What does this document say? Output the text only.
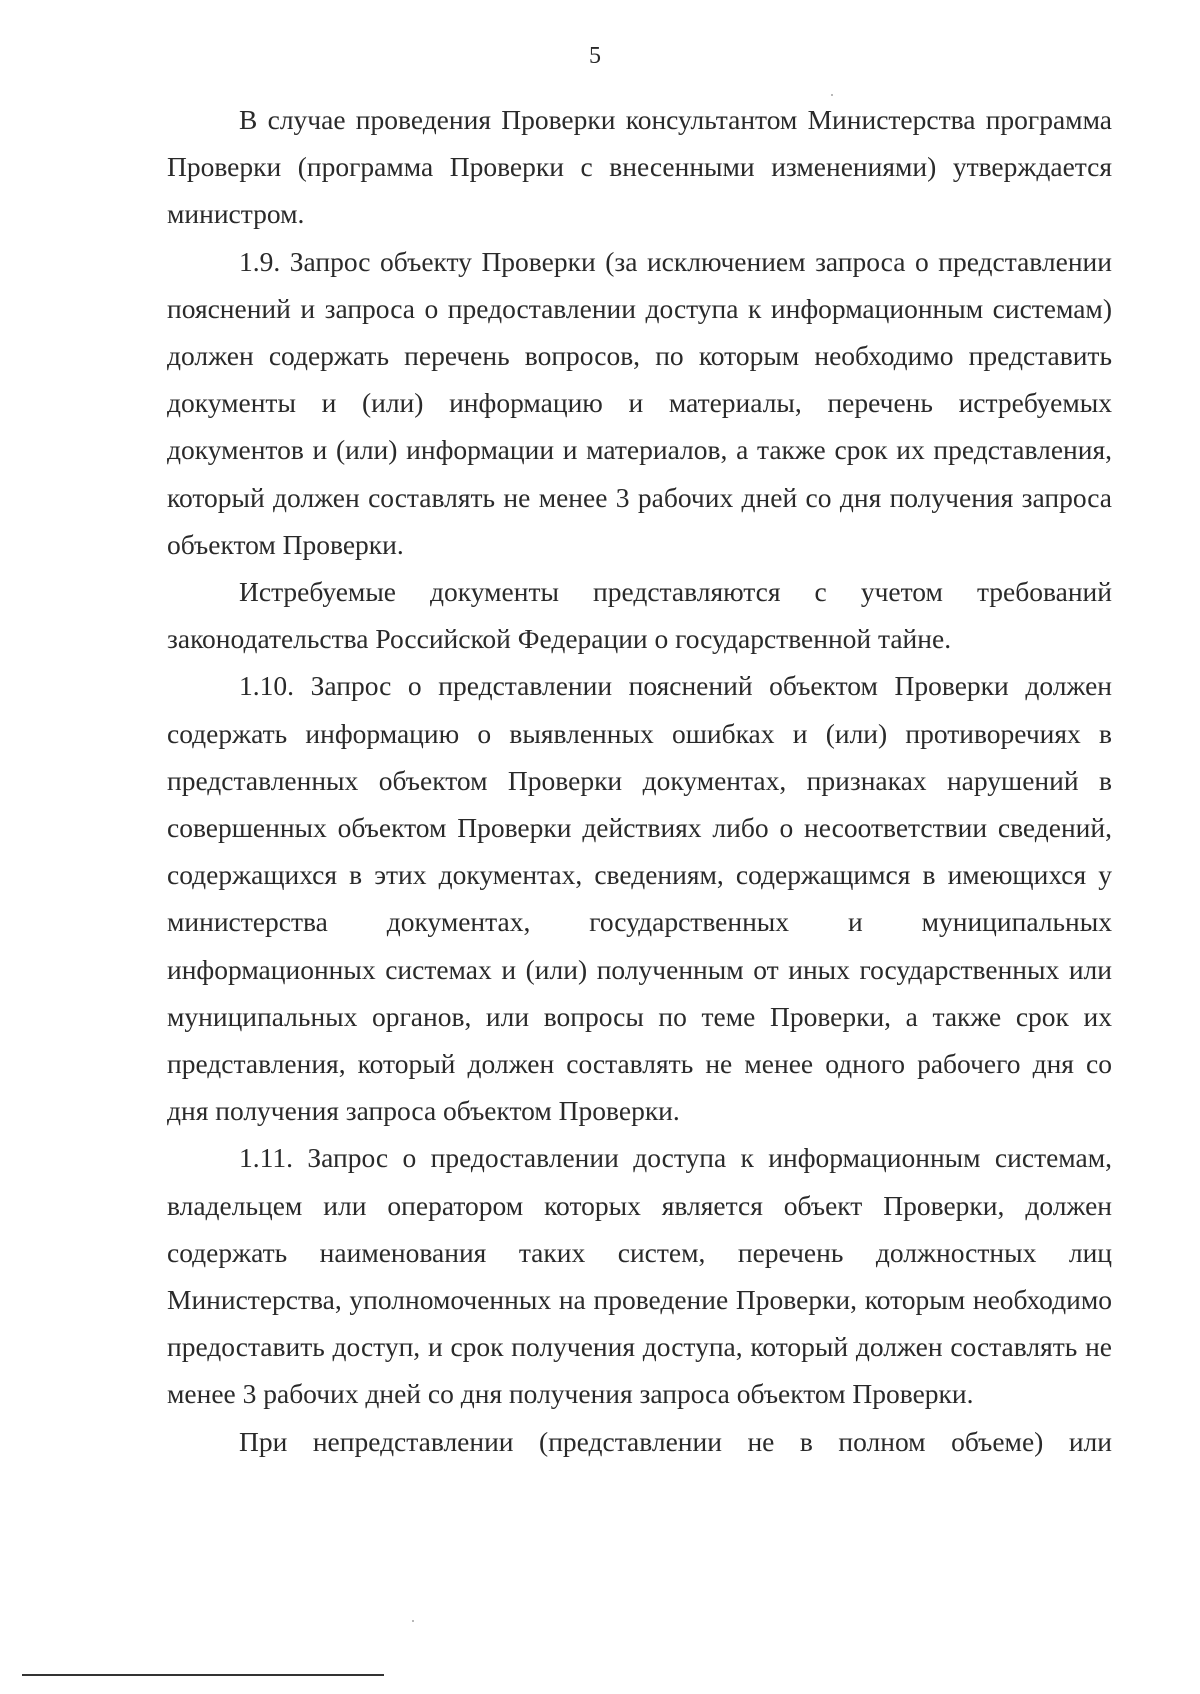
5

В случае проведения Проверки консультантом Министерства программа Проверки (программа Проверки с внесенными изменениями) утверждается министром.

1.9. Запрос объекту Проверки (за исключением запроса о представлении пояснений и запроса о предоставлении доступа к информационным системам) должен содержать перечень вопросов, по которым необходимо представить документы и (или) информацию и материалы, перечень истребуемых документов и (или) информации и материалов, а также срок их представления, который должен составлять не менее 3 рабочих дней со дня получения запроса объектом Проверки.

Истребуемые документы представляются с учетом требований законодательства Российской Федерации о государственной тайне.

1.10. Запрос о представлении пояснений объектом Проверки должен содержать информацию о выявленных ошибках и (или) противоречиях в представленных объектом Проверки документах, признаках нарушений в совершенных объектом Проверки действиях либо о несоответствии сведений, содержащихся в этих документах, сведениям, содержащимся в имеющихся у министерства документах, государственных и муниципальных информационных системах и (или) полученным от иных государственных или муниципальных органов, или вопросы по теме Проверки, а также срок их представления, который должен составлять не менее одного рабочего дня со дня получения запроса объектом Проверки.

1.11. Запрос о предоставлении доступа к информационным системам, владельцем или оператором которых является объект Проверки, должен содержать наименования таких систем, перечень должностных лиц Министерства, уполномоченных на проведение Проверки, которым необходимо предоставить доступ, и срок получения доступа, который должен составлять не менее 3 рабочих дней со дня получения запроса объектом Проверки.

При непредставлении (представлении не в полном объеме) или
